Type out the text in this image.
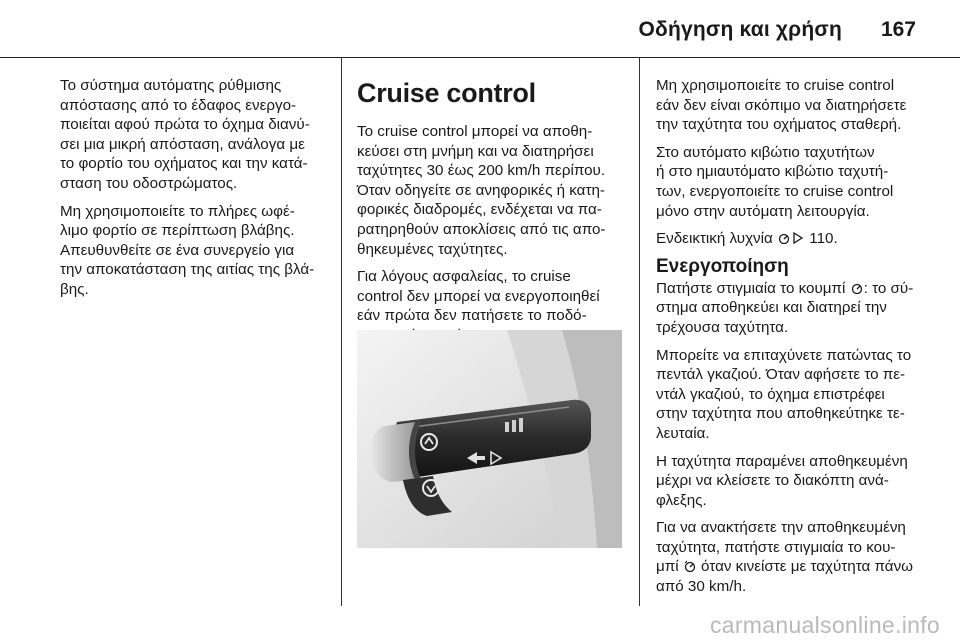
Οδήγηση και χρήση 167

Το σύστημα αυτόματης ρύθμισης
απόστασης από το έδαφος ενεργο-
ποιείται αφού πρώτα το όχημα διανύ-
σει μια μικρή απόσταση, ανάλογα με
το φορτίο του οχήματος και την κατά-
σταση του οδοστρώματος.

Μη χρησιμοποιείτε το πλήρες ωφέ-
λιμο φορτίο σε περίπτωση βλάβης.
Απευθυνθείτε σε ένα συνεργείο για
την αποκατάσταση της αιτίας της βλά-
βης.

Cruise control

Το cruise control μπορεί να αποθη-
κεύσει στη μνήμη και να διατηρήσει
ταχύτητες 30 έως 200 km/h περίπου.
Όταν οδηγείτε σε ανηφορικές ή κατη-
φορικές διαδρομές, ενδέχεται να πα-
ρατηρηθούν αποκλίσεις από τις απο-
θηκευμένες ταχύτητες.

Για λόγους ασφαλείας, το cruise
control δεν μπορεί να ενεργοποιηθεί
εάν πρώτα δεν πατήσετε το ποδό-

Μη χρησιμοποιείτε το cruise control
εάν δεν είναι σκόπιμο να διατηρήσετε
την ταχύτητα του οχήματος σταθερή.

Στο αυτόματο κιβώτιο ταχυτήτων
ή στο ημιαυτόματο κιβώτιο ταχυτή-
των, ενεργοποιείτε το cruise control
μόνο στην αυτόματη λειτουργία.

Ενδεικτική λυχνία  110.

Ενεργοποίηση

Πατήστε στιγμιαία το κουμπί : το σύ-
στημα αποθηκεύει και διατηρεί την
τρέχουσα ταχύτητα.

Μπορείτε να επιταχύνετε πατώντας το
πεντάλ γκαζιού. Όταν αφήσετε το πε-
ντάλ γκαζιού, το όχημα επιστρέφει
στην ταχύτητα που αποθηκεύτηκε τε-
λευταία.

Η ταχύτητα παραμένει αποθηκευμένη
μέχρι να κλείσετε το διακόπτη ανά-
φλεξης.

Για να ανακτήσετε την αποθηκευμένη
ταχύτητα, πατήστε στιγμιαία το κου-
μπί  όταν κινείστε με ταχύτητα πάνω
από 30 km/h.

carmanualsonline.info
